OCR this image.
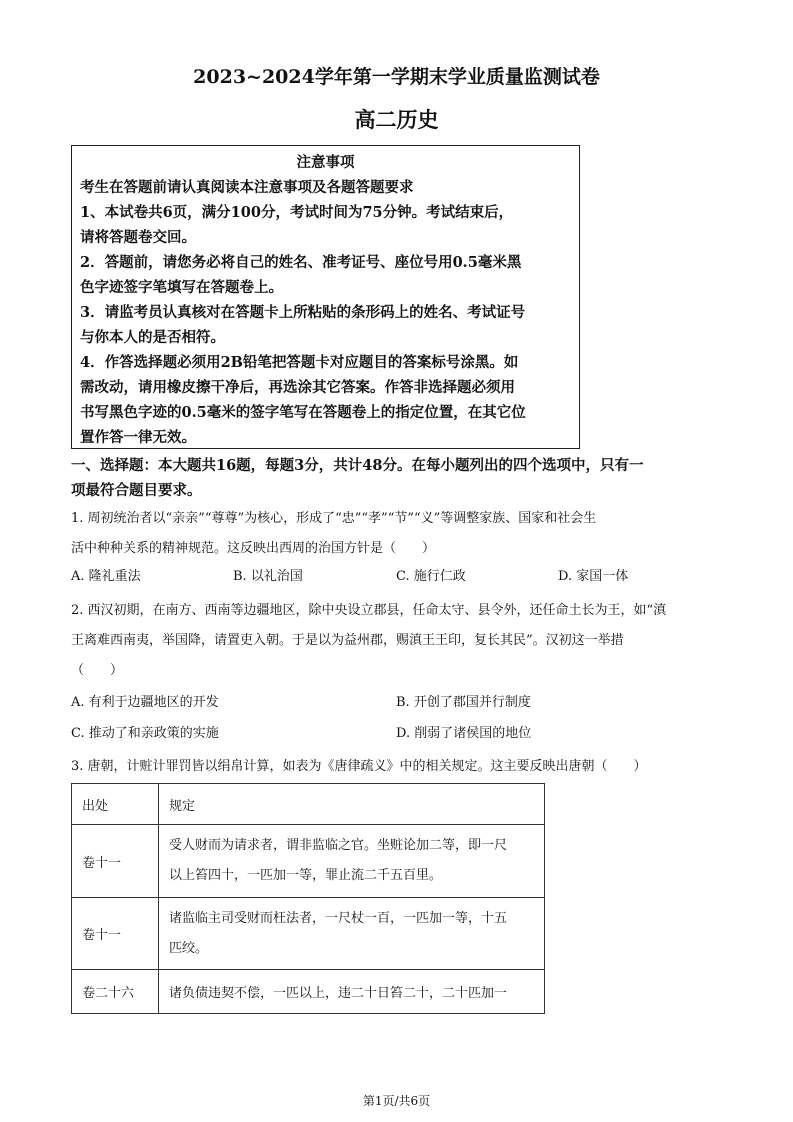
2023~2024学年第一学期末学业质量监测试卷
高二历史
注意事项
考生在答题前请认真阅读本注意事项及各题答题要求
1、本试卷共6页，满分100分，考试时间为75分钟。考试结束后，
请将答题卷交回。
2．答题前，请您务必将自己的姓名、准考证号、座位号用0.5毫米黑
色字迹签字笔填写在答题卷上。
3．请监考员认真核对在答题卡上所粘贴的条形码上的姓名、考试证号
与你本人的是否相符。
4．作答选择题必须用2B铅笔把答题卡对应题目的答案标号涂黑。如
需改动，请用橡皮擦干净后，再选涂其它答案。作答非选择题必须用
书写黑色字迹的0.5毫米的签字笔写在答题卷上的指定位置，在其它位
置作答一律无效。
一、选择题：本大题共16题，每题3分，共计48分。在每小题列出的四个选项中，只有一
项最符合题目要求。
1. 周初统治者以“亲亲”“尊尊”为核心，形成了“忠”“孝”“节”“义”等调整家族、国家和社会生
活中种种关系的精神规范。这反映出西周的治国方针是（　　）
A. 隆礼重法	B. 以礼治国	C. 施行仁政	D. 家国一体
2. 西汉初期，在南方、西南等边疆地区，除中央设立郡县，任命太守、县令外，还任命土长为王，如“滇
王离难西南夷，举国降，请置吏入朝。于是以为益州郡，赐滇王王印，复长其民”。汉初这一举措
（　　）
A. 有利于边疆地区的开发	B. 开创了郡国并行制度
C. 推动了和亲政策的实施	D. 削弱了诸侯国的地位
3. 唐朝，计赃计罪罚皆以绢帛计算，如表为《唐律疏义》中的相关规定。这主要反映出唐朝（　　）
出处	规定
卷十一	受人财而为请求者，谓非监临之官。坐赃论加二等，即一尺
以上笞四十，一匹加一等，罪止流二千五百里。

卷十一	诸监临主司受财而枉法者，一尺杖一百，一匹加一等，十五
匹绞。

卷二十六	诸负债违契不偿，一匹以上，违二十日笞二十，二十匹加一
第1页/共6页
